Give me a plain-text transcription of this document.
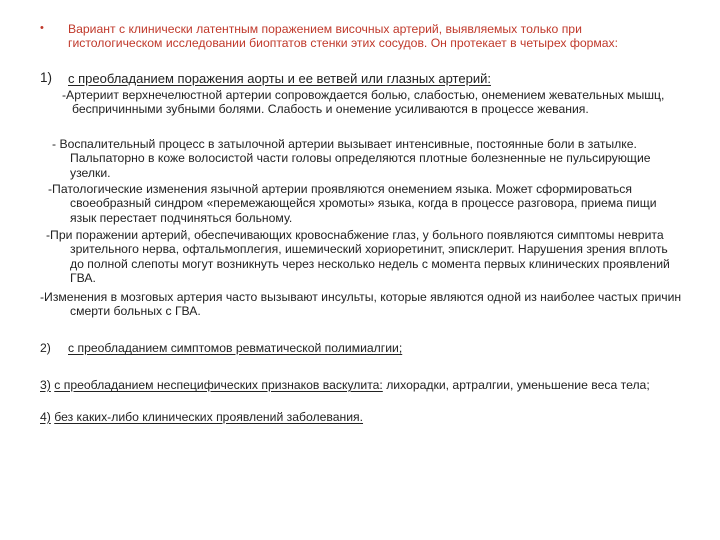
• Вариант с клинически латентным поражением височных артерий, выявляемых только при гистологическом исследовании биоптатов стенки этих сосудов. Он протекает в четырех формах:

1) с преобладанием поражения аорты и ее ветвей или глазных артерий:

-Артериит верхнечелюстной артерии сопровождается болью, слабостью, онемением жевательных мышц, беспричинными зубными болями. Слабость и онемение усиливаются в процессе жевания.

- Воспалительный процесс в затылочной артерии вызывает интенсивные, постоянные боли в затылке. Пальпаторно в коже волосистой части головы определяются плотные болезненные не пульсирующие узелки.

-Патологические изменения язычной артерии проявляются онемением языка. Может сформироваться своеобразный синдром «перемежающейся хромоты» языка, когда в процессе разговора, приема пищи язык перестает подчиняться больному.

-При поражении артерий, обеспечивающих кровоснабжение глаз, у больного появляются симптомы неврита зрительного нерва, офтальмоплегия, ишемический хориоретинит, эписклерит. Нарушения зрения вплоть до полной слепоты могут возникнуть через несколько недель с момента первых клинических проявлений ГВА.

-Изменения в мозговых артерия часто вызывают инсульты, которые являются одной из наиболее частых причин смерти больных с ГВА.

2) с преобладанием симптомов ревматической полимиалгии;

3) с преобладанием неспецифических признаков васкулита: лихорадки, артралгии, уменьшение веса тела;

4) без каких-либо клинических проявлений заболевания.
